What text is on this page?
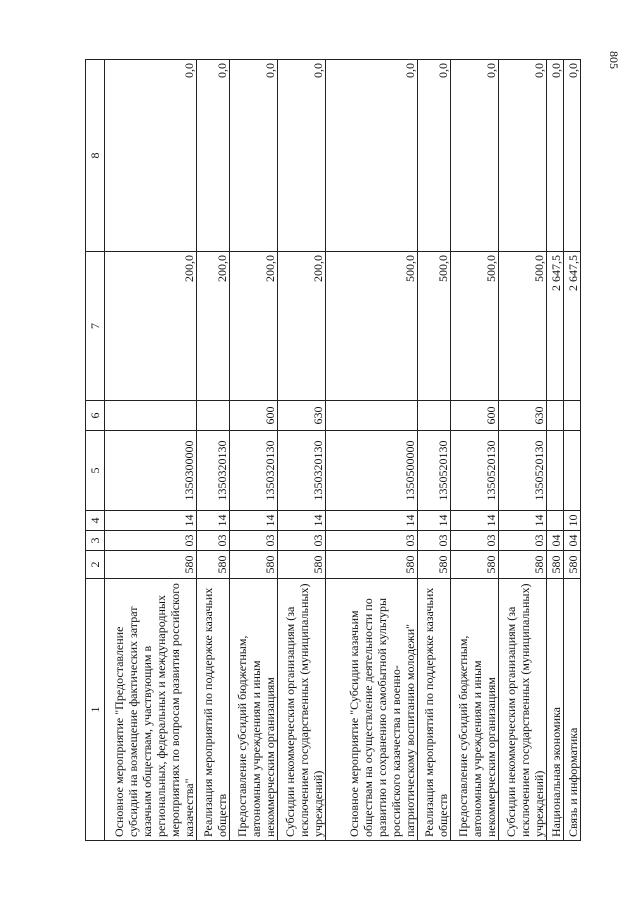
805
1	2	3	4	5	6	7	8
Основное мероприятие "Предоставление субсидий на возмещение фактических затрат казачьим обществам, участвующим в региональных, федеральных и международных мероприятиях по вопросам развития российского казачества"	580	03	14	1350300000		200,0	0,0
Реализация мероприятий по поддержке казачьих обществ	580	03	14	1350320130		200,0	0,0
Предоставление субсидий бюджетным, автономным учреждениям и иным некоммерческим организациям	580	03	14	1350320130	600	200,0	0,0
Субсидии некоммерческим организациям (за исключением государственных (муниципальных) учреждений)	580	03	14	1350320130	630	200,0	0,0
Основное мероприятие "Субсидии казачьим обществам на осуществление деятельности по развитию и сохранению самобытной культуры российского казачества и военно-патриотическому воспитанию молодежи"	580	03	14	1350500000		500,0	0,0
Реализация мероприятий по поддержке казачьих обществ	580	03	14	1350520130		500,0	0,0
Предоставление субсидий бюджетным, автономным учреждениям и иным некоммерческим организациям	580	03	14	1350520130	600	500,0	0,0
Субсидии некоммерческим организациям (за исключением государственных (муниципальных) учреждений)	580	03	14	1350520130	630	500,0	0,0
Национальная экономика	580	04				2 647,5	0,0
Связь и информатика	580	04	10			2 647,5	0,0
